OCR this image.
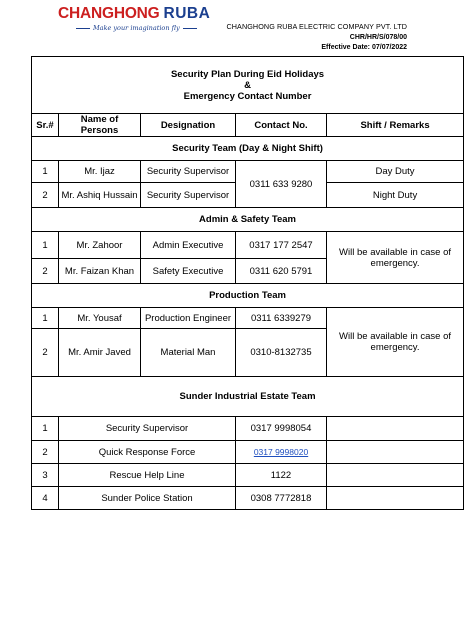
CHANGHONG RUBA
Make your imagination fly	CHANGHONG RUBA ELECTRIC COMPANY PVT. LTD
CHR/HR/S/078/00
Effective Date: 07/07/2022
Security Plan During Eid Holidays
&
Emergency Contact Number				

Sr.#	Name of Persons	Designation	Contact No.	Shift / Remarks
Security Team (Day & Night Shift)				
1	Mr. Ijaz	Security Supervisor	0311 633 9280	Day Duty
2	Mr. Ashiq Hussain	Security Supervisor		Night Duty
Admin & Safety Team				
1	Mr. Zahoor	Admin Executive	0317 177 2547	Will be available in case of emergency.
2	Mr. Faizan Khan	Safety Executive	0311 620 5791	
Production Team				
1	Mr. Yousaf	Production Engineer	0311 6339279	Will be available in case of emergency.
2	Mr. Amir Javed	Material Man	0310-8132735	
Sunder Industrial Estate Team				
1	Security Supervisor		0317 9998054	
2	Quick Response Force		0317 9998020	
3	Rescue Help Line		1122	
4	Sunder Police Station		0308 7772818	
